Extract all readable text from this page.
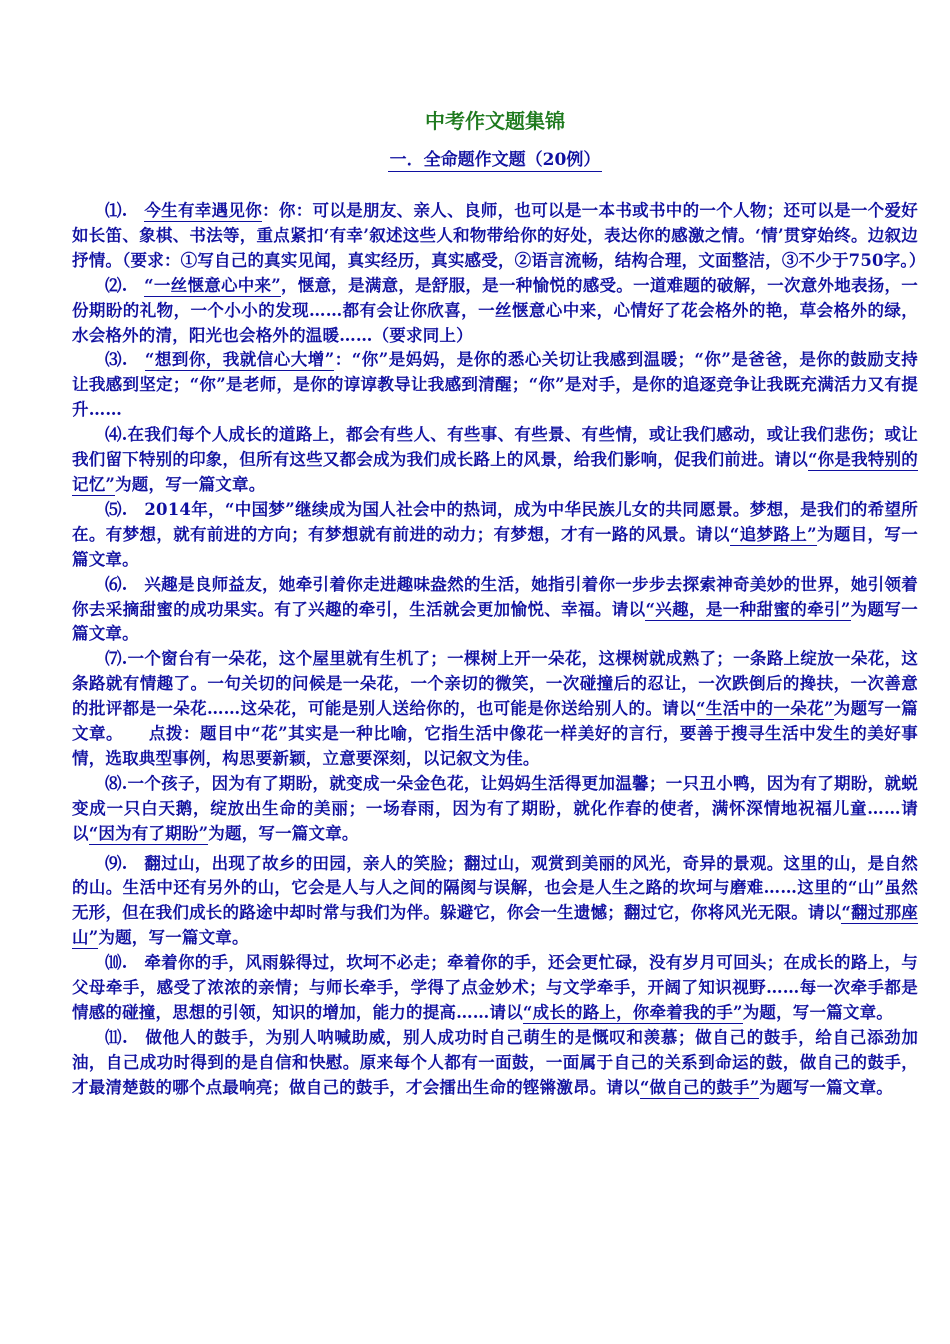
中考作文题集锦
一．全命题作文题（20例）

⑴.　 今生有幸遇见你：你：可以是朋友、亲人、良师，也可以是一本书或书中的一个人物；还可以是一个爱好如长笛、象棋、书法等，重点紧扣‘有幸’叙述这些人和物带给你的好处，表达你的感激之情。‘情’贯穿始终。边叙边抒情。（要求：①写自己的真实见闻，真实经历，真实感受，②语言流畅，结构合理，文面整洁，③不少于750字。）

⑵.　 “一丝惬意心中来”，惬意，是满意，是舒服，是一种愉悦的感受。一道难题的破解，一次意外地表扬，一份期盼的礼物，一个小小的发现……都有会让你欣喜，一丝惬意心中来，心情好了花会格外的艳，草会格外的绿，水会格外的清，阳光也会格外的温暖……（要求同上）

⑶.　 “想到你，我就信心大增”：“你”是妈妈，是你的悉心关切让我感到温暖；“你”是爸爸，是你的鼓励支持让我感到坚定；“你”是老师，是你的谆谆教导让我感到清醒；“你”是对手，是你的追逐竞争让我既充满活力又有提升……

⑷.在我们每个人成长的道路上，都会有些人、有些事、有些景、有些情，或让我们感动，或让我们悲伤；或让我们留下特别的印象，但所有这些又都会成为我们成长路上的风景，给我们影响，促我们前进。请以“你是我特别的记忆”为题，写一篇文章。

⑸.　 2014年，“中国梦”继续成为国人社会中的热词，成为中华民族儿女的共同愿景。梦想，是我们的希望所在。有梦想，就有前进的方向；有梦想就有前进的动力；有梦想，才有一路的风景。请以“追梦路上”为题目，写一篇文章。

⑹.　 兴趣是良师益友，她牵引着你走进趣味盎然的生活，她指引着你一步步去探索神奇美妙的世界，她引领着你去采摘甜蜜的成功果实。有了兴趣的牵引，生活就会更加愉悦、幸福。请以“兴趣，是一种甜蜜的牵引”为题写一篇文章。

⑺.一个窗台有一朵花，这个屋里就有生机了；一棵树上开一朵花，这棵树就成熟了；一条路上绽放一朵花，这条路就有情趣了。一句关切的问候是一朵花，一个亲切的微笑，一次碰撞后的忍让，一次跌倒后的搀扶，一次善意的批评都是一朵花……这朵花，可能是别人送给你的，也可能是你送给别人的。请以“生活中的一朵花”为题写一篇文章。　　点拨：题目中“花”其实是一种比喻，它指生活中像花一样美好的言行，要善于搜寻生活中发生的美好事情，选取典型事例，构思要新颖，立意要深刻，以记叙文为佳。

⑻.一个孩子，因为有了期盼，就变成一朵金色花，让妈妈生活得更加温馨；一只丑小鸭，因为有了期盼，就蜕变成一只白天鹅，绽放出生命的美丽；一场春雨，因为有了期盼，就化作春的使者，满怀深情地祝福儿童……请以“因为有了期盼”为题，写一篇文章。

⑼.　 翻过山，出现了故乡的田园，亲人的笑脸；翻过山，观赏到美丽的风光，奇异的景观。这里的山，是自然的山。生活中还有另外的山，它会是人与人之间的隔阂与误解，也会是人生之路的坎坷与磨难……这里的“山”虽然无形，但在我们成长的路途中却时常与我们为伴。躲避它，你会一生遗憾；翻过它，你将风光无限。请以“翻过那座山”为题，写一篇文章。

⑽.　 牵着你的手，风雨躲得过，坎坷不必走；牵着你的手，还会更忙碌，没有岁月可回头；在成长的路上，与父母牵手，感受了浓浓的亲情；与师长牵手，学得了点金妙术；与文学牵手，开阔了知识视野……每一次牵手都是情感的碰撞，思想的引领，知识的增加，能力的提高……请以“成长的路上，你牵着我的手”为题，写一篇文章。

⑾.　 做他人的鼓手，为别人呐喊助威，别人成功时自己萌生的是慨叹和羡慕；做自己的鼓手，给自己添劲加油，自己成功时得到的是自信和快慰。原来每个人都有一面鼓，一面属于自己的关系到命运的鼓，做自己的鼓手，才最清楚鼓的哪个点最响亮；做自己的鼓手，才会擂出生命的铿锵激昂。请以“做自己的鼓手”为题写一篇文章。
